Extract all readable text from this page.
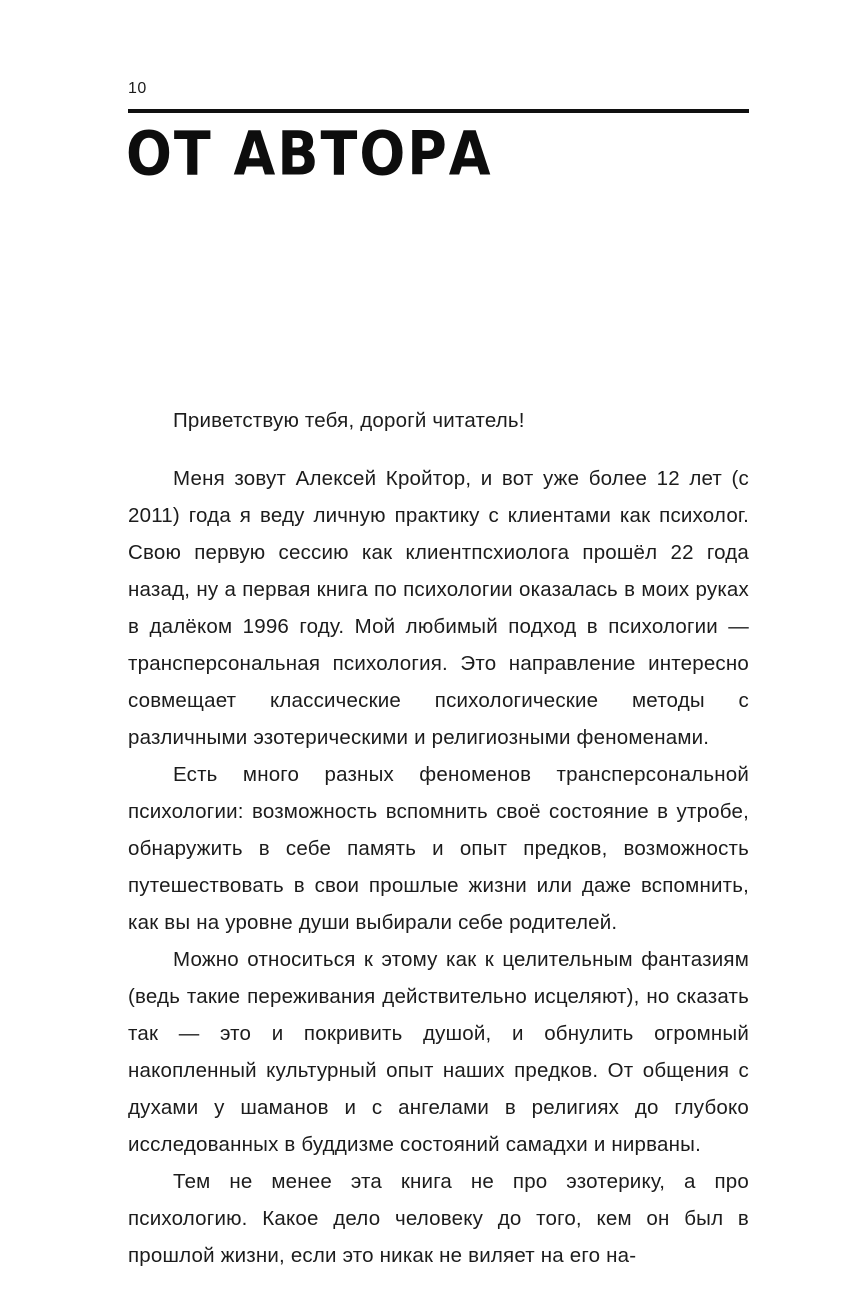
10
ОТ АВТОРА

Приветствую тебя, дорогй читатель!

Меня зовут Алексей Кройтор, и вот уже более 12 лет (с 2011) года я веду личную практику с клиентами как психолог. Свою первую сессию как клиентпсхиолога прошёл 22 года назад, ну а первая книга по психологии оказалась в моих руках в далёком 1996 году. Мой любимый подход в психологии — трансперсональная психология. Это направление интересно совмещает классические психологические методы с различными эзотерическими и религиозными феноменами.

Есть много разных феноменов трансперсональной психологии: возможность вспомнить своё состояние в утробе, обнаружить в себе память и опыт предков, возможность путешествовать в свои прошлые жизни или даже вспомнить, как вы на уровне души выбирали себе родителей.

Можно относиться к этому как к целительным фантазиям (ведь такие переживания действительно исцеляют), но сказать так — это и покривить душой, и обнулить огромный накопленный культурный опыт наших предков. От общения с духами у шаманов и с ангелами в религиях до глубоко исследованных в буддизме состояний самадхи и нирваны.

Тем не менее эта книга не про эзотерику, а про психологию. Какое дело человеку до того, кем он был в прошлой жизни, если это никак не виляет на его на-
